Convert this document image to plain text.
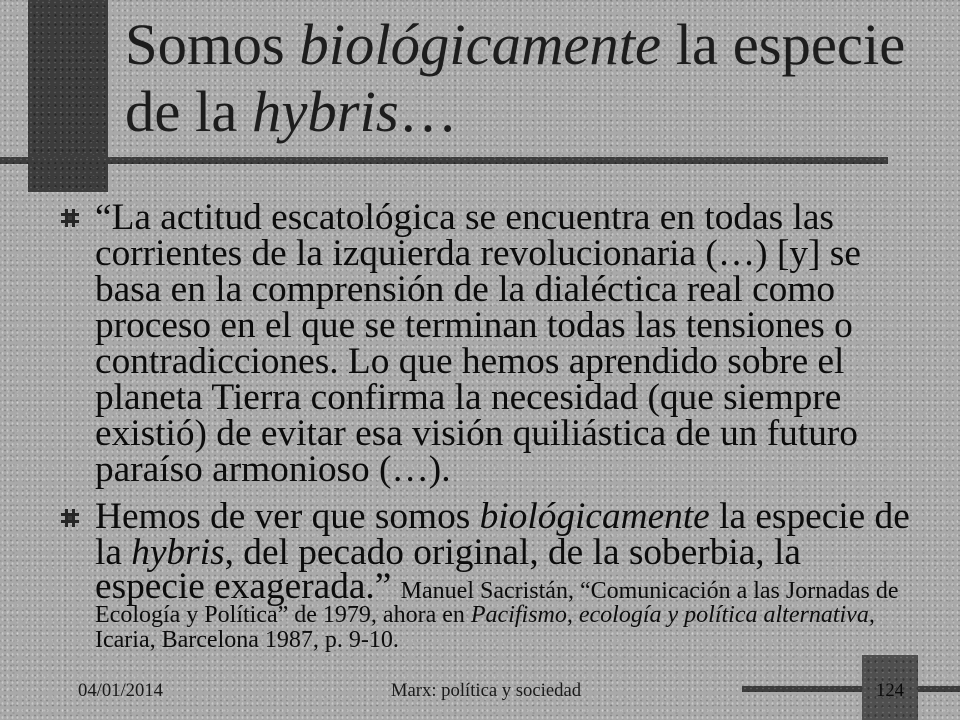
Somos biológicamente la especie de la hybris…
“La actitud escatológica se encuentra en todas las corrientes de la izquierda revolucionaria (…) [y] se basa en la comprensión de la dialéctica real como proceso en el que se terminan todas las tensiones o contradicciones. Lo que hemos aprendido sobre el planeta Tierra confirma la necesidad (que siempre existió) de evitar esa visión quiliástica de un futuro paraíso armonioso (…).
Hemos de ver que somos biológicamente la especie de
la hybris, del pecado original, de la soberbia, la
especie exagerada.” Manuel Sacristán, “Comunicación a las Jornadas de
Ecología y Política” de 1979, ahora en Pacifismo, ecología y política alternativa,
Icaria, Barcelona 1987, p. 9-10.
04/01/2014	Marx: política y sociedad	124
